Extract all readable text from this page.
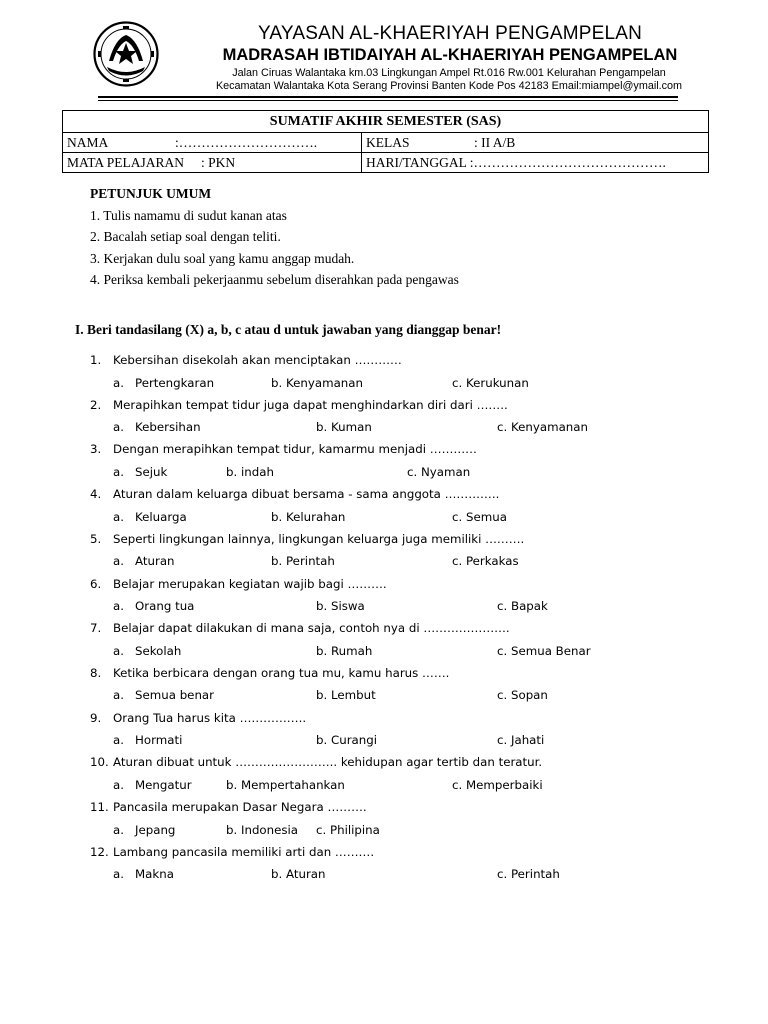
YAYASAN AL-KHAERIYAH PENGAMPELAN
MADRASAH IBTIDAIYAH AL-KHAERIYAH PENGAMPELAN
Jalan Ciruas Walantaka km.03 Lingkungan Ampel Rt.016 Rw.001 Kelurahan Pengampelan
Kecamatan Walantaka Kota Serang Provinsi Banten Kode Pos 42183 Email:miampel@ymail.com
SUMATIF AKHIR SEMESTER (SAS)	
NAMA :………………………….	KELAS : II A/B
MATA PELAJARAN : PKN	HARI/TANGGAL :…………………………………….
PETUNJUK UMUM
1. Tulis namamu di sudut kanan atas
2. Bacalah setiap soal dengan teliti.
3. Kerjakan dulu soal yang kamu anggap mudah.
4. Periksa kembali pekerjaanmu sebelum diserahkan pada pengawas
I. Beri tandasilang (X) a, b, c atau d untuk jawaban yang dianggap benar!
1. Kebersihan disekolah akan menciptakan …………
a. Pertengkaran	b. Kenyamanan	c. Kerukunan
2. Merapihkan tempat tidur juga dapat menghindarkan diri dari ……..
a. Kebersihan	b. Kuman	c. Kenyamanan
3. Dengan merapihkan tempat tidur, kamarmu menjadi …………
a. Sejuk	b. indah	c. Nyaman
4. Aturan dalam keluarga dibuat bersama - sama anggota …………..
a. Keluarga	b. Kelurahan	c. Semua
5. Seperti lingkungan lainnya, lingkungan keluarga juga memiliki ……….
a. Aturan	b. Perintah	c. Perkakas
6. Belajar merupakan kegiatan wajib bagi ……….
a. Orang tua	b. Siswa	c. Bapak
7. Belajar dapat dilakukan di mana saja, contoh nya di ………………….
a. Sekolah	b. Rumah	c. Semua Benar
8. Ketika berbicara dengan orang tua mu, kamu harus …….
a. Semua benar	b. Lembut	c. Sopan
9. Orang Tua harus kita ……………..
a. Hormati	b. Curangi	c. Jahati
10. Aturan dibuat untuk …………………….. kehidupan agar tertib dan teratur.
a. Mengatur	b. Mempertahankan	c. Memperbaiki
11. Pancasila merupakan Dasar Negara ……….
a. Jepang	b. Indonesia c. Philipina
12. Lambang pancasila memiliki arti dan ……….
a. Makna	b. Aturan	c. Perintah
